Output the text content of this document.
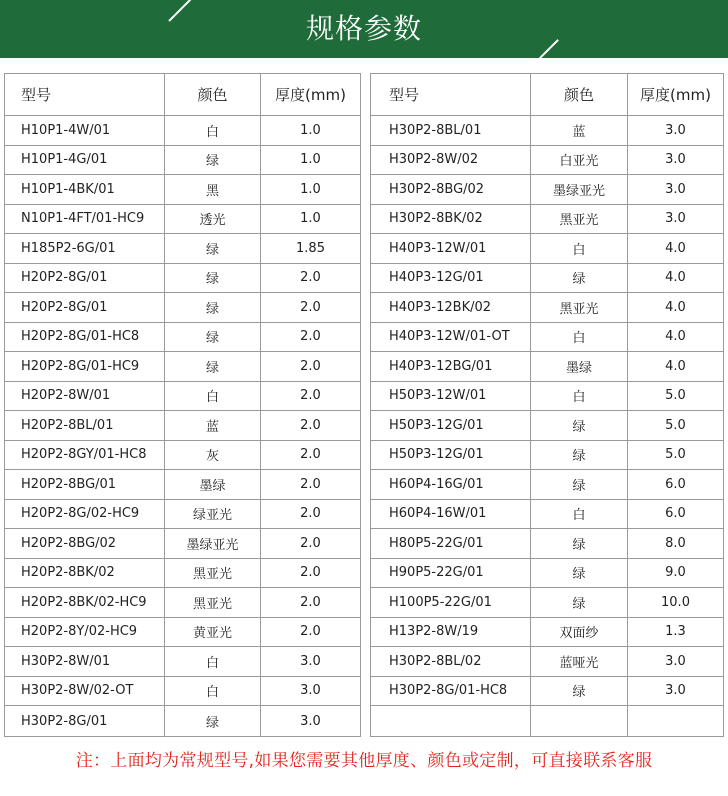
规格参数
型号	颜色	厚度(mm)
H10P1-4W/01	白	1.0
H10P1-4G/01	绿	1.0
H10P1-4BK/01	黑	1.0
N10P1-4FT/01-HC9	透光	1.0
H185P2-6G/01	绿	1.85
H20P2-8G/01	绿	2.0
H20P2-8G/01	绿	2.0
H20P2-8G/01-HC8	绿	2.0
H20P2-8G/01-HC9	绿	2.0
H20P2-8W/01	白	2.0
H20P2-8BL/01	蓝	2.0
H20P2-8GY/01-HC8	灰	2.0
H20P2-8BG/01	墨绿	2.0
H20P2-8G/02-HC9	绿亚光	2.0
H20P2-8BG/02	墨绿亚光	2.0
H20P2-8BK/02	黑亚光	2.0
H20P2-8BK/02-HC9	黑亚光	2.0
H20P2-8Y/02-HC9	黄亚光	2.0
H30P2-8W/01	白	3.0
H30P2-8W/02-OT	白	3.0
H30P2-8G/01	绿	3.0
型号	颜色	厚度(mm)
H30P2-8BL/01	蓝	3.0
H30P2-8W/02	白亚光	3.0
H30P2-8BG/02	墨绿亚光	3.0
H30P2-8BK/02	黑亚光	3.0
H40P3-12W/01	白	4.0
H40P3-12G/01	绿	4.0
H40P3-12BK/02	黑亚光	4.0
H40P3-12W/01-OT	白	4.0
H40P3-12BG/01	墨绿	4.0
H50P3-12W/01	白	5.0
H50P3-12G/01	绿	5.0
H50P3-12G/01	绿	5.0
H60P4-16G/01	绿	6.0
H60P4-16W/01	白	6.0
H80P5-22G/01	绿	8.0
H90P5-22G/01	绿	9.0
H100P5-22G/01	绿	10.0
H13P2-8W/19	双面纱	1.3
H30P2-8BL/02	蓝哑光	3.0
H30P2-8G/01-HC8	绿	3.0
注：上面均为常规型号,如果您需要其他厚度、颜色或定制，可直接联系客服
